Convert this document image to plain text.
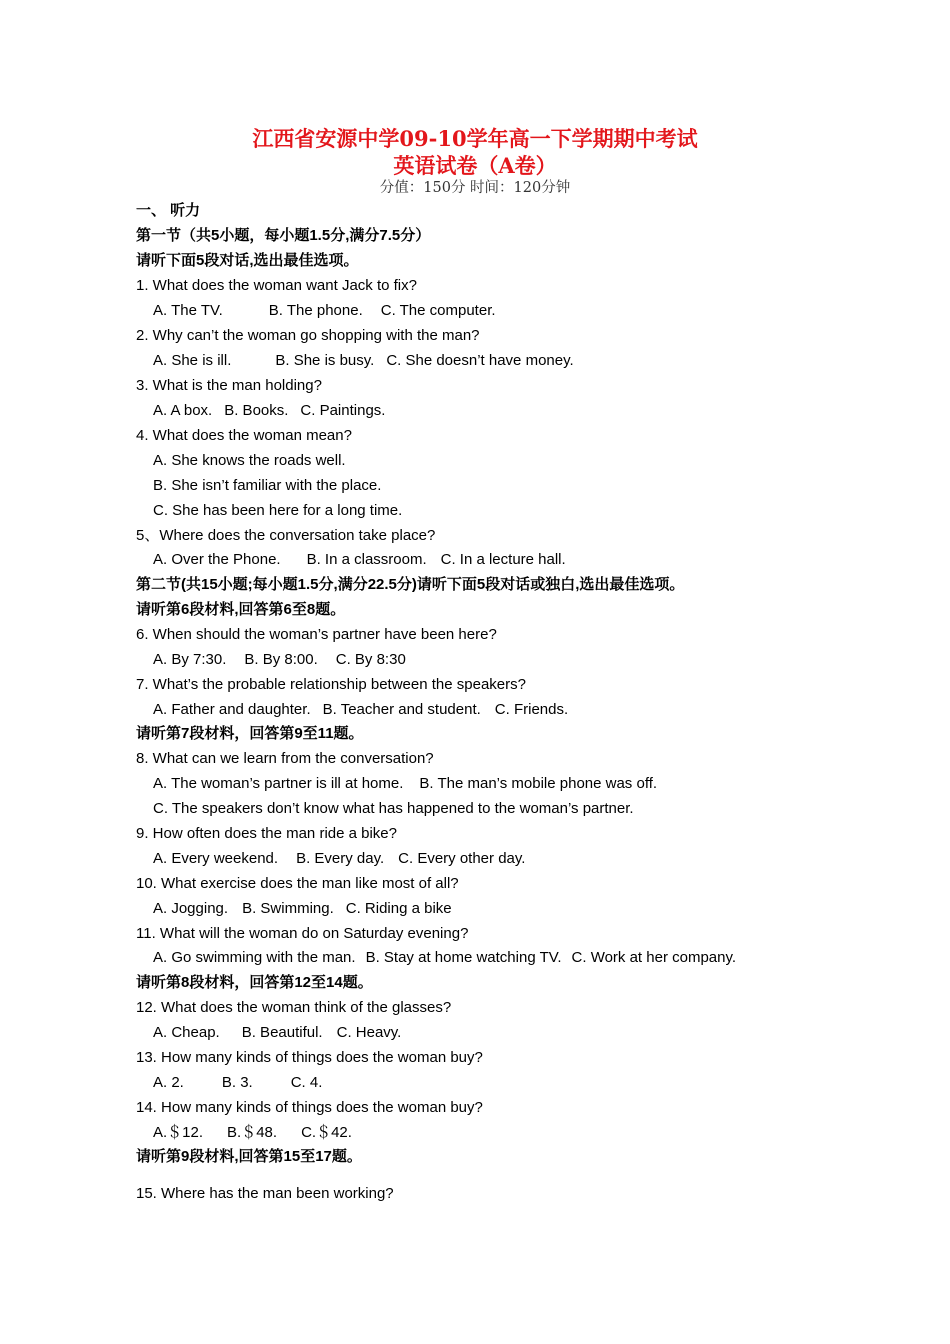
江西省安源中学09-10学年高一下学期期中考试
英语试卷（A卷）
分值：150分 时间：120分钟
一、 听力
第一节（共5小题，每小题1.5分,满分7.5分）
请听下面5段对话,选出最佳选项。
1. What does the woman want Jack to fix?
A. The TV.	B. The phone. C. The computer.
2. Why can’t the woman go shopping with the man?
A. She is ill.	B. She is busy. C. She doesn’t have money.
3. What is the man holding?
A. A box. B. Books. C. Paintings.
4. What does the woman mean?
A. She knows the roads well.
B. She isn’t familiar with the place.
C. She has been here for a long time.
5、Where does the conversation take place?
A. Over the Phone. B. In a classroom. C. In a lecture hall.
第二节(共15小题;每小题1.5分,满分22.5分)请听下面5段对话或独白,选出最佳选项。
请听第6段材料,回答第6至8题。
6. When should the woman’s partner have been here?
A. By 7:30. B. By 8:00. C. By 8:30
7. What’s the probable relationship between the speakers?
A. Father and daughter. B. Teacher and student. C. Friends.
请听第7段材料，回答第9至11题。
8. What can we learn from the conversation?
A. The woman’s partner is ill at home. B. The man’s mobile phone was off.
C. The speakers don’t know what has happened to the woman’s partner.
9. How often does the man ride a bike?
A. Every weekend. B. Every day. C. Every other day.
10. What exercise does the man like most of all?
A. Jogging. B. Swimming. C. Riding a bike
11. What will the woman do on Saturday evening?
A. Go swimming with the man. B. Stay at home watching TV. C. Work at her company.
请听第8段材料，回答第12至14题。
12. What does the woman think of the glasses?
A. Cheap. B. Beautiful. C. Heavy.
13. How many kinds of things does the woman buy?
A. 2.	B. 3.	C. 4.
14. How many kinds of things does the woman buy?
A.＄12. B.＄48. C.＄42.
请听第9段材料,回答第15至17题。
15. Where has the man been working?
